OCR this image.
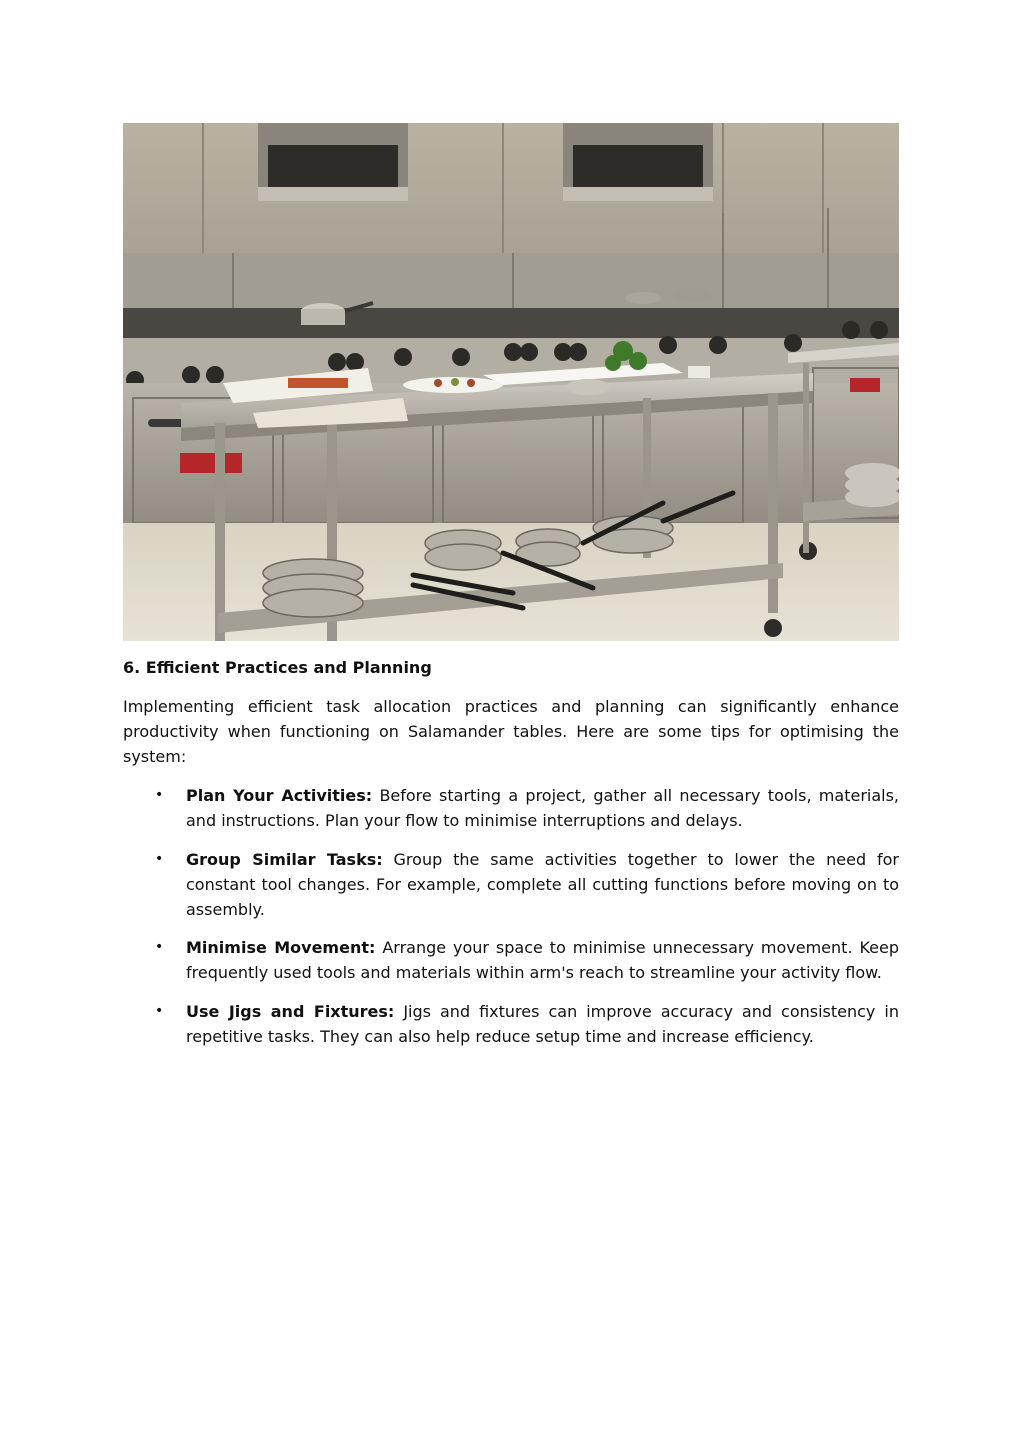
6. Efficient Practices and Planning

Implementing efficient task allocation practices and planning can significantly enhance productivity when functioning on Salamander tables. Here are some tips for optimising the system:

• Plan Your Activities: Before starting a project, gather all necessary tools, materials, and instructions. Plan your flow to minimise interruptions and delays.
• Group Similar Tasks: Group the same activities together to lower the need for constant tool changes. For example, complete all cutting functions before moving on to assembly.
• Minimise Movement: Arrange your space to minimise unnecessary movement. Keep frequently used tools and materials within arm's reach to streamline your activity flow.
• Use Jigs and Fixtures: Jigs and fixtures can improve accuracy and consistency in repetitive tasks. They can also help reduce setup time and increase efficiency.
